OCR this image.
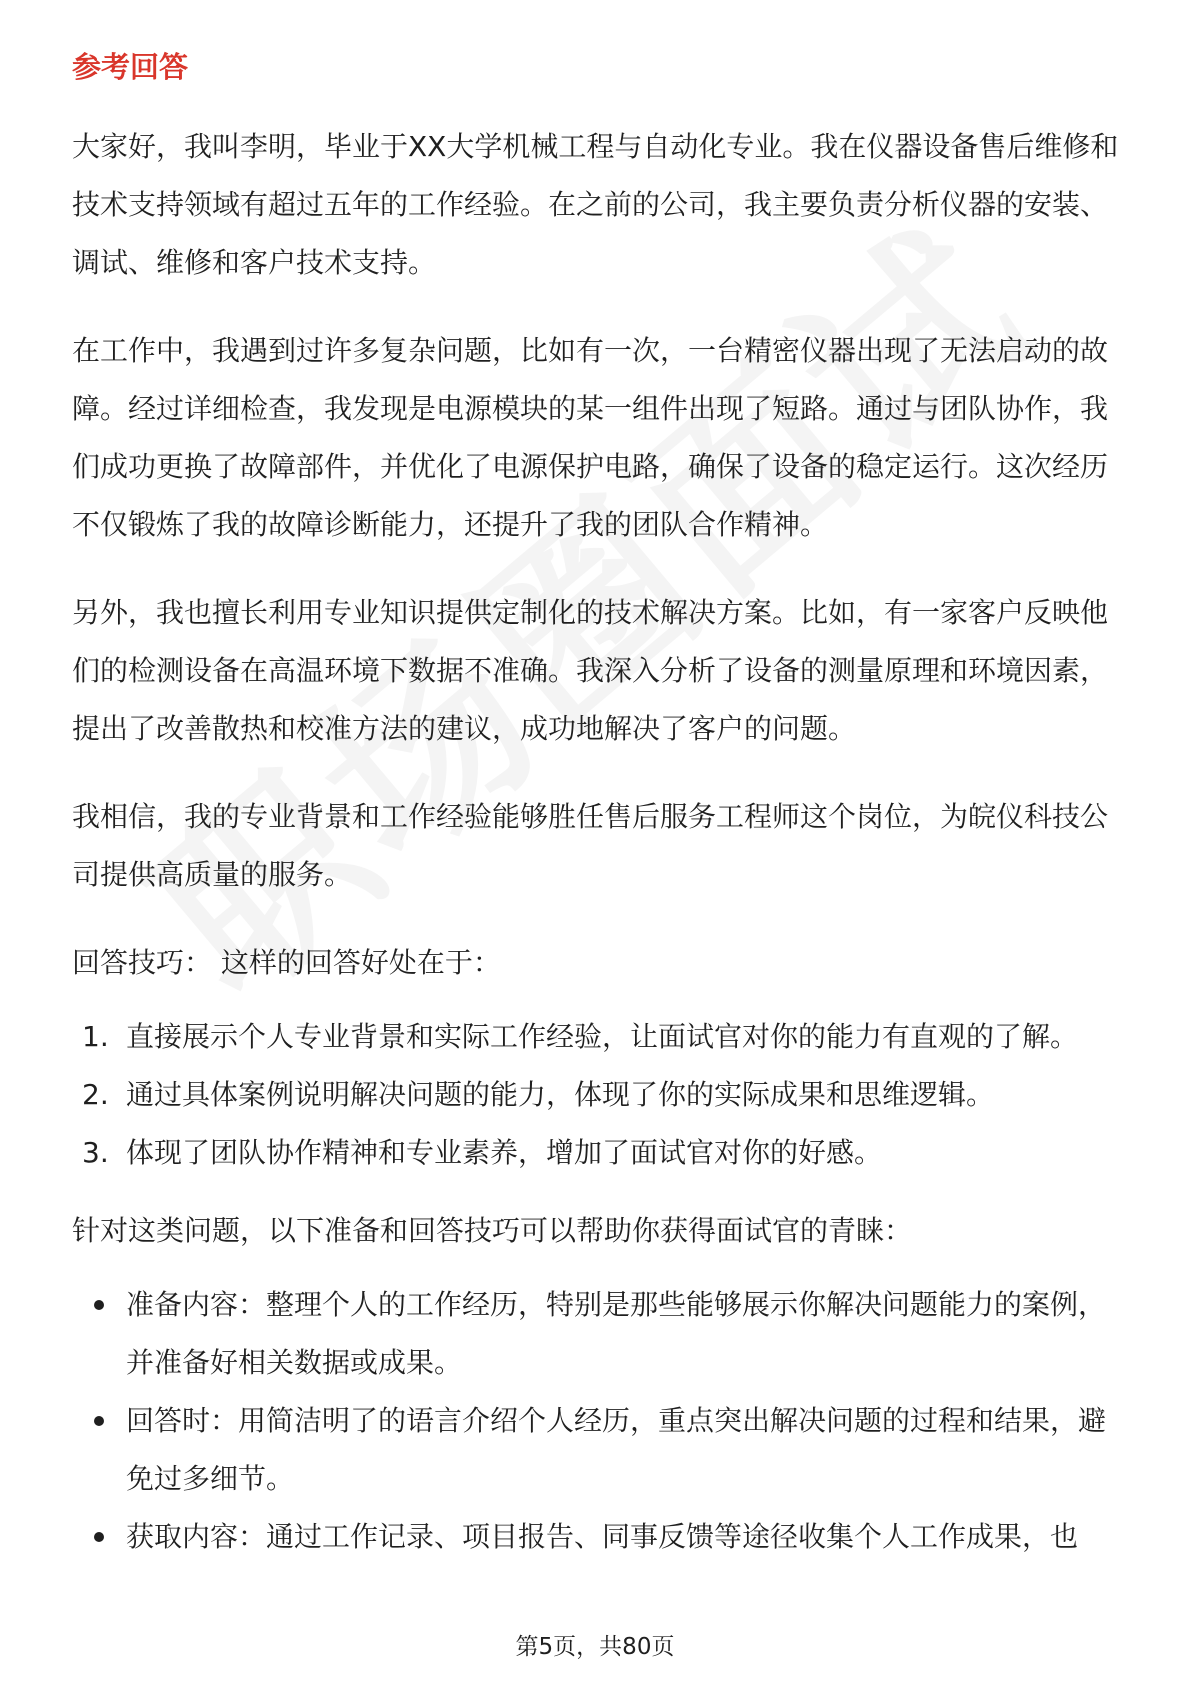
参考回答

大家好，我叫李明，毕业于XX大学机械工程与自动化专业。我在仪器设备售后维修和技术支持领域有超过五年的工作经验。在之前的公司，我主要负责分析仪器的安装、调试、维修和客户技术支持。

在工作中，我遇到过许多复杂问题，比如有一次，一台精密仪器出现了无法启动的故障。经过详细检查，我发现是电源模块的某一组件出现了短路。通过与团队协作，我们成功更换了故障部件，并优化了电源保护电路，确保了设备的稳定运行。这次经历不仅锻炼了我的故障诊断能力，还提升了我的团队合作精神。

另外，我也擅长利用专业知识提供定制化的技术解决方案。比如，有一家客户反映他们的检测设备在高温环境下数据不准确。我深入分析了设备的测量原理和环境因素，提出了改善散热和校准方法的建议，成功地解决了客户的问题。

我相信，我的专业背景和工作经验能够胜任售后服务工程师这个岗位，为皖仪科技公司提供高质量的服务。

回答技巧： 这样的回答好处在于：

1. 直接展示个人专业背景和实际工作经验，让面试官对你的能力有直观的了解。
2. 通过具体案例说明解决问题的能力，体现了你的实际成果和思维逻辑。
3. 体现了团队协作精神和专业素养，增加了面试官对你的好感。

针对这类问题，以下准备和回答技巧可以帮助你获得面试官的青睐：

准备内容：整理个人的工作经历，特别是那些能够展示你解决问题能力的案例，并准备好相关数据或成果。
回答时：用简洁明了的语言介绍个人经历，重点突出解决问题的过程和结果，避免过多细节。
获取内容：通过工作记录、项目报告、同事反馈等途径收集个人工作成果，也
第5页，共80页
